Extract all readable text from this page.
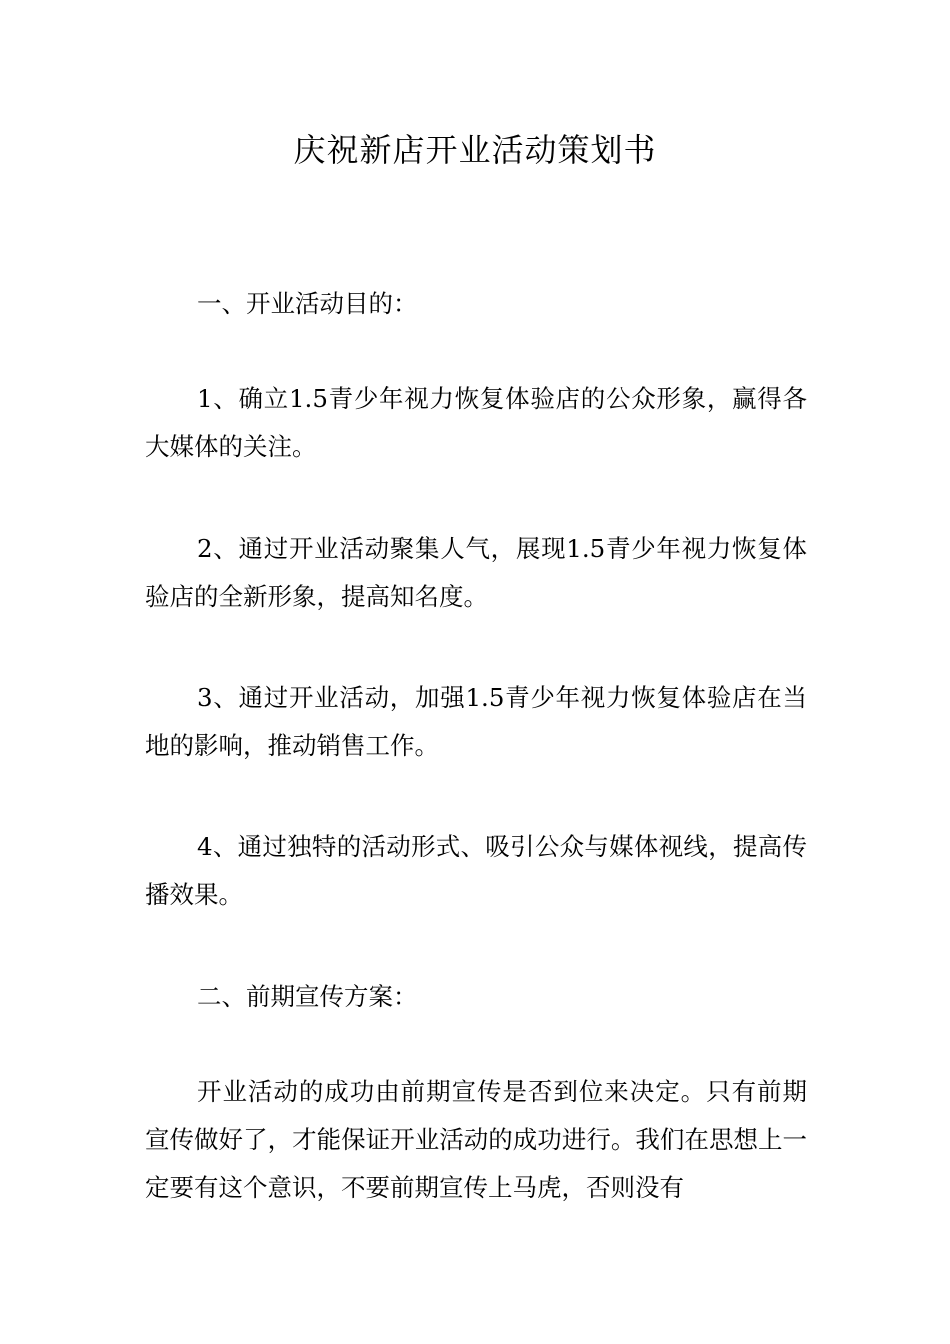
庆祝新店开业活动策划书

一、开业活动目的：

1、确立1.5青少年视力恢复体验店的公众形象，赢得各大媒体的关注。

2、通过开业活动聚集人气，展现1.5青少年视力恢复体验店的全新形象，提高知名度。

3、通过开业活动，加强1.5青少年视力恢复体验店在当地的影响，推动销售工作。

4、通过独特的活动形式、吸引公众与媒体视线，提高传播效果。

二、前期宣传方案：

开业活动的成功由前期宣传是否到位来决定。只有前期宣传做好了，才能保证开业活动的成功进行。我们在思想上一定要有这个意识，不要前期宣传上马虎，否则没有
